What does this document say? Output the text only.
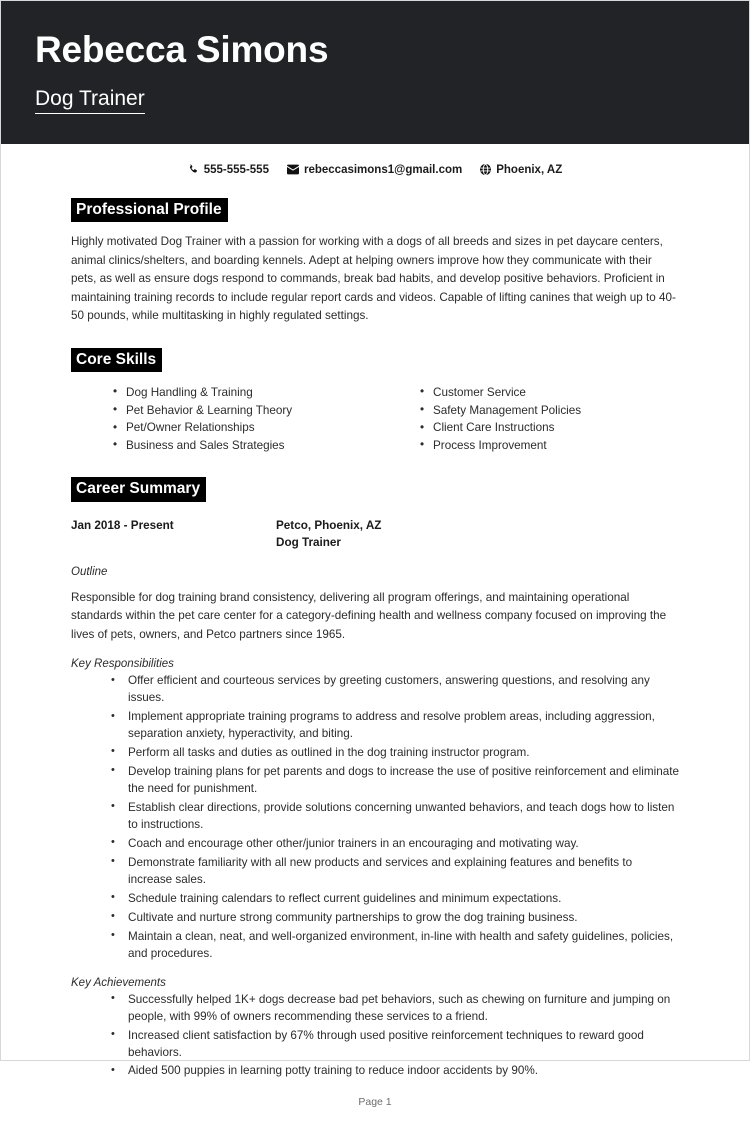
Rebecca Simons
Dog Trainer
555-555-555	rebeccasimons1@gmail.com	Phoenix, AZ
Professional Profile

Highly motivated Dog Trainer with a passion for working with a dogs of all breeds and sizes in pet daycare centers, animal clinics/shelters, and boarding kennels. Adept at helping owners improve how they communicate with their pets, as well as ensure dogs respond to commands, break bad habits, and develop positive behaviors. Proficient in maintaining training records to include regular report cards and videos. Capable of lifting canines that weigh up to 40-50 pounds, while multitasking in highly regulated settings.

Core Skills
• Dog Handling & Training
• Pet Behavior & Learning Theory
• Pet/Owner Relationships
• Business and Sales Strategies
• Customer Service
• Safety Management Policies
• Client Care Instructions
• Process Improvement
Career Summary
Jan 2018 - Present	Petco, Phoenix, AZ
Dog Trainer
Outline

Responsible for dog training brand consistency, delivering all program offerings, and maintaining operational standards within the pet care center for a category-defining health and wellness company focused on improving the lives of pets, owners, and Petco partners since 1965.

Key Responsibilities
• Offer efficient and courteous services by greeting customers, answering questions, and resolving any issues.
• Implement appropriate training programs to address and resolve problem areas, including aggression, separation anxiety, hyperactivity, and biting.
• Perform all tasks and duties as outlined in the dog training instructor program.
• Develop training plans for pet parents and dogs to increase the use of positive reinforcement and eliminate the need for punishment.
• Establish clear directions, provide solutions concerning unwanted behaviors, and teach dogs how to listen to instructions.
• Coach and encourage other other/junior trainers in an encouraging and motivating way.
• Demonstrate familiarity with all new products and services and explaining features and benefits to increase sales.
• Schedule training calendars to reflect current guidelines and minimum expectations.
• Cultivate and nurture strong community partnerships to grow the dog training business.
• Maintain a clean, neat, and well-organized environment, in-line with health and safety guidelines, policies, and procedures.
Key Achievements
• Successfully helped 1K+ dogs decrease bad pet behaviors, such as chewing on furniture and jumping on people, with 99% of owners recommending these services to a friend.
• Increased client satisfaction by 67% through used positive reinforcement techniques to reward good behaviors.
• Aided 500 puppies in learning potty training to reduce indoor accidents by 90%.
Page 1
